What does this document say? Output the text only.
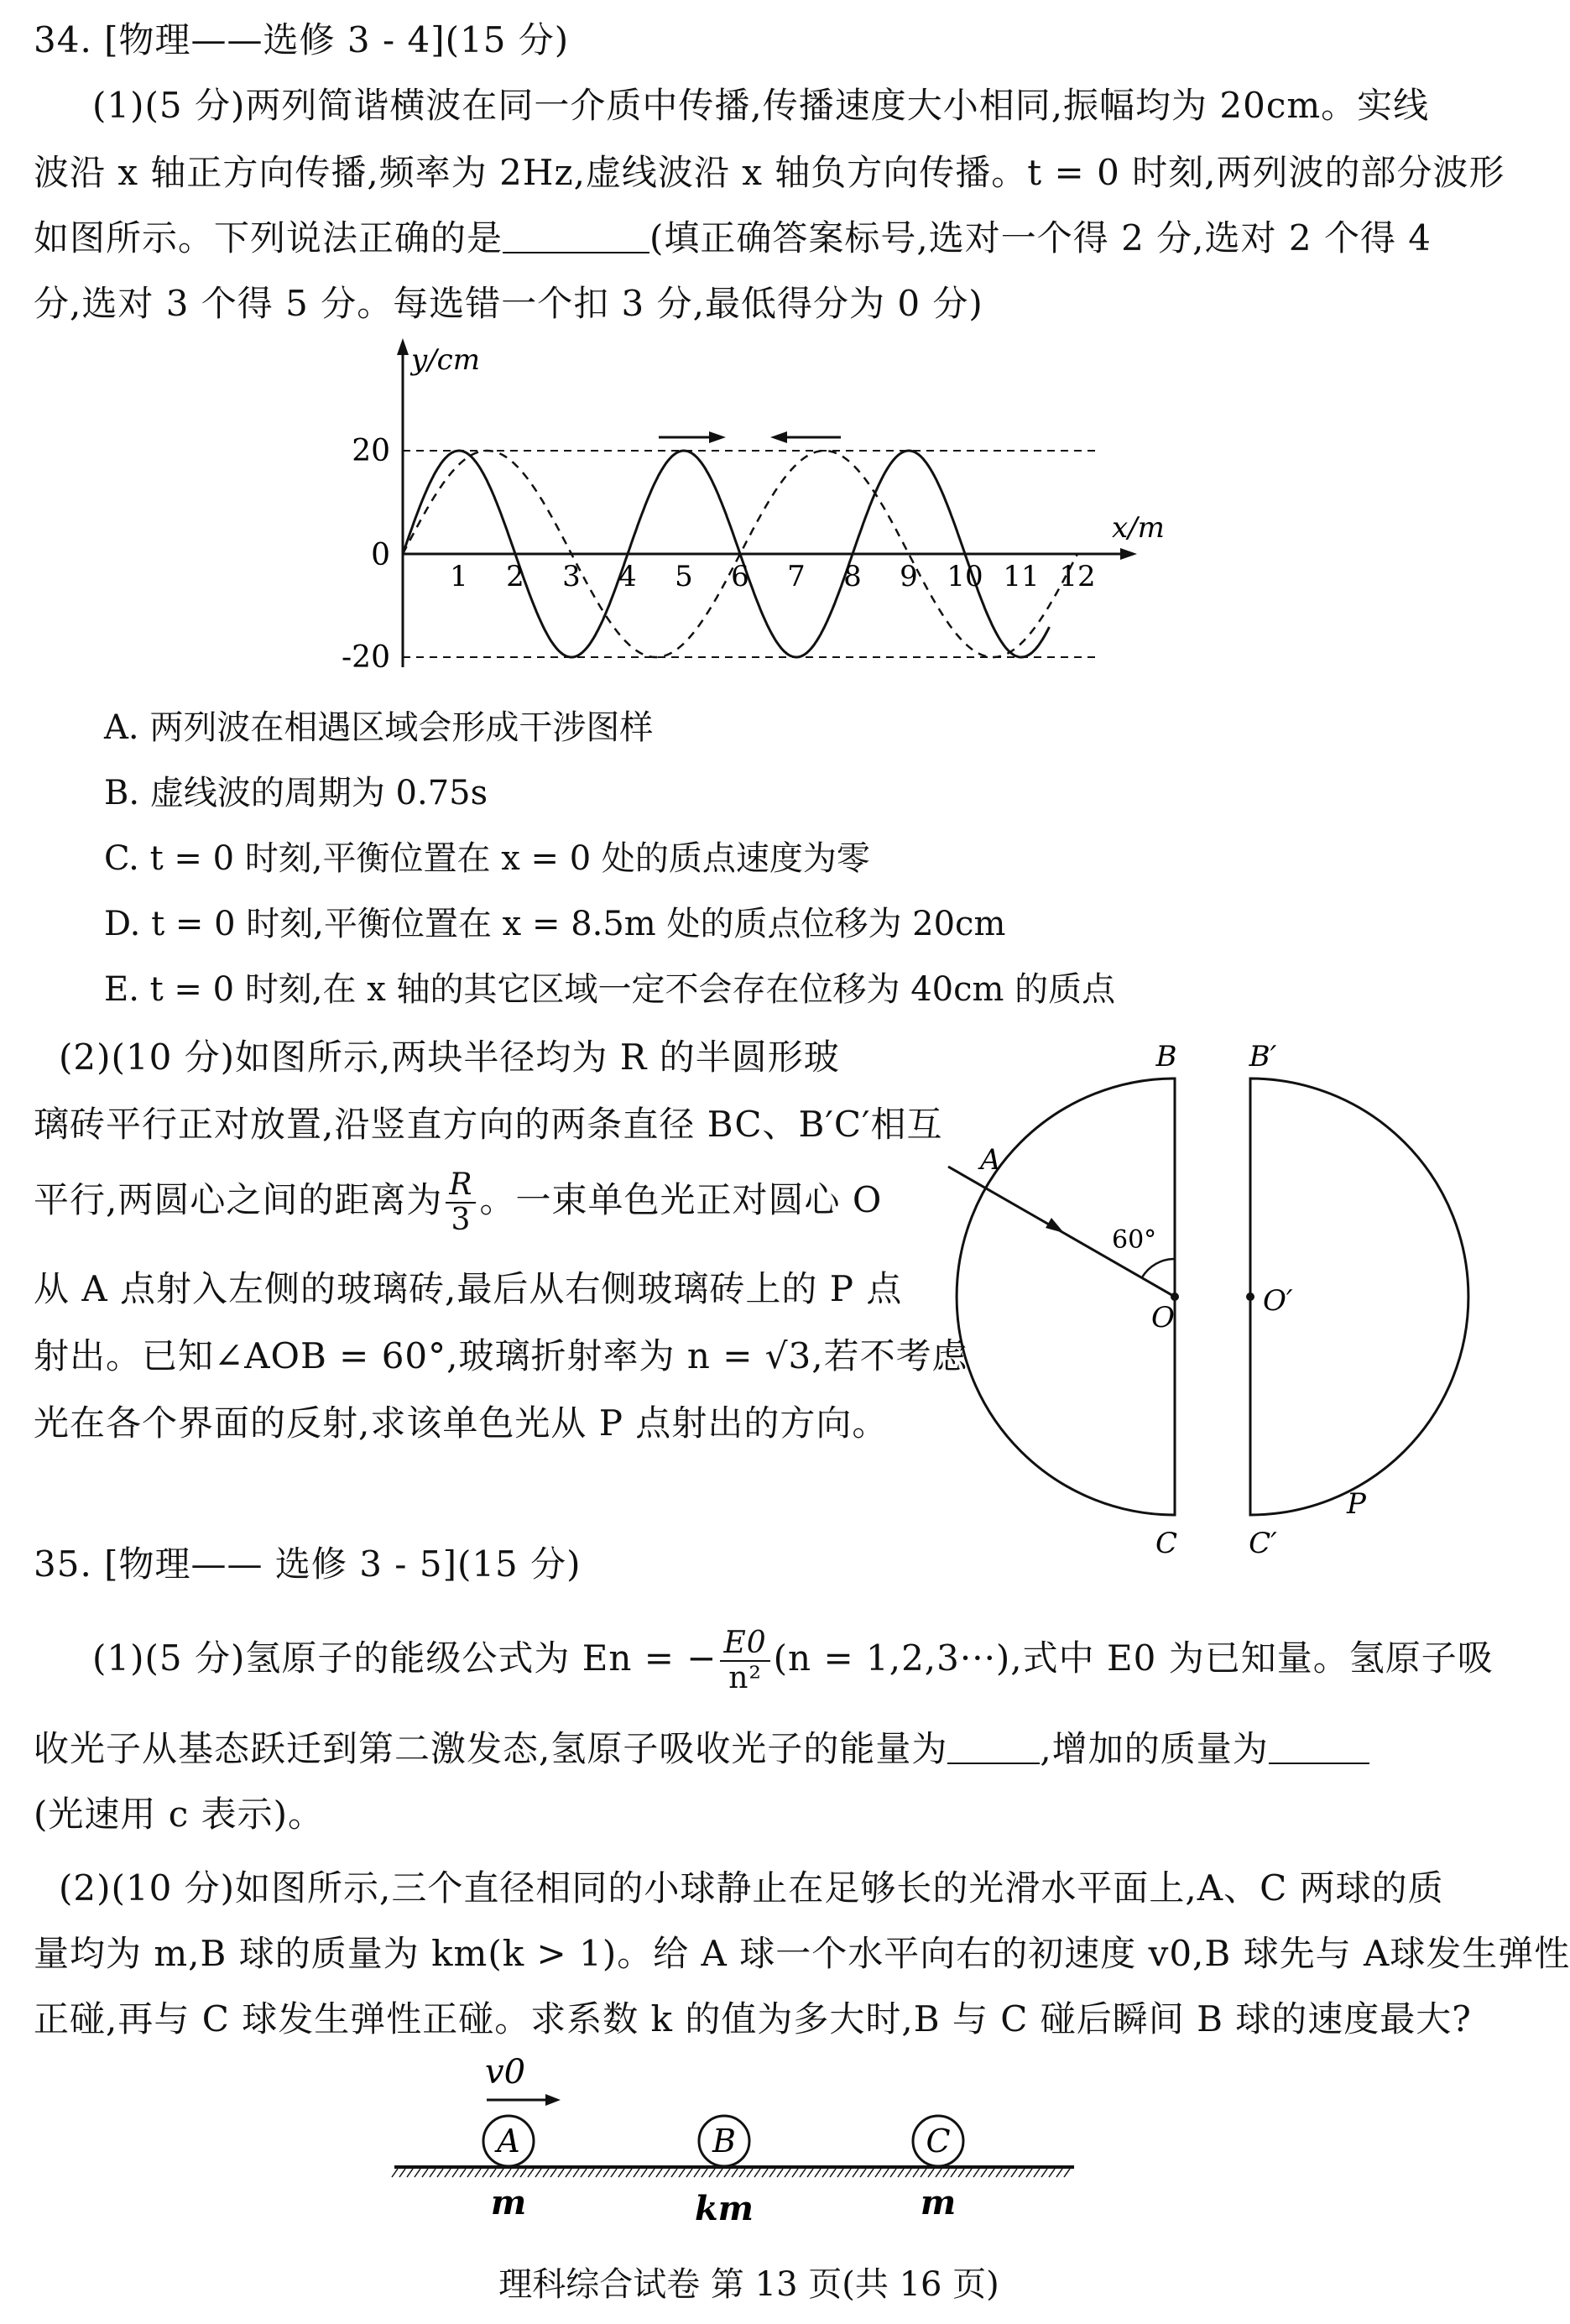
34. [物理——选修 3 - 4](15 分)
(1)(5 分)两列简谐横波在同一介质中传播,传播速度大小相同,振幅均为 20cm。实线
波沿 x 轴正方向传播,频率为 2Hz,虚线波沿 x 轴负方向传播。t = 0 时刻,两列波的部分波形
如图所示。下列说法正确的是	(填正确答案标号,选对一个得 2 分,选对 2 个得 4
分,选对 3 个得 5 分。每选错一个扣 3 分,最低得分为 0 分)
y/cm
x/m
20
0
-20
1 2 3 4 5 6 7 8 9 10 11 12
A. 两列波在相遇区域会形成干涉图样
B. 虚线波的周期为 0.75s
C. t = 0 时刻,平衡位置在 x = 0 处的质点速度为零
D. t = 0 时刻,平衡位置在 x = 8.5m 处的质点位移为 20cm
E. t = 0 时刻,在 x 轴的其它区域一定不会存在位移为 40cm 的质点
(2)(10 分)如图所示,两块半径均为 R 的半圆形玻
璃砖平行正对放置,沿竖直方向的两条直径 BC、B′C′相互
平行,两圆心之间的距离为 $\frac{R}{3}$ 。一束单色光正对圆心 O
从 A 点射入左侧的玻璃砖,最后从右侧玻璃砖上的 P 点
射出。已知∠AOB = 60°,玻璃折射率为 n = √3,若不考虑
光在各个界面的反射,求该单色光从 P 点射出的方向。
B	B′
A
60°
O	O′
C	C′
P
35. [物理—— 选修 3 - 5](15 分)
(1)(5 分)氢原子的能级公式为 En = − $\frac{E0}{\text{n²}} (n = 1,2,3\cdot\cdot\cdot)$,式中 E0 为已知量。氢原子吸
收光子从基态跃迁到第二激发态,氢原子吸收光子的能量为	,增加的质量为
(光速用 c 表示)。
(2)(10 分)如图所示,三个直径相同的小球静止在足够长的光滑水平面上,A、C 两球的质
量均为 m,B 球的质量为 km(k > 1)。给 A 球一个水平向右的初速度 v0,B 球先与 A球发生弹性
正碰,再与 C 球发生弹性正碰。求系数 k 的值为多大时,B 与 C 碰后瞬间 B 球的速度最大?
v0
A	B	C
m	km	m
理科综合试卷 第 13 页(共 16 页)
